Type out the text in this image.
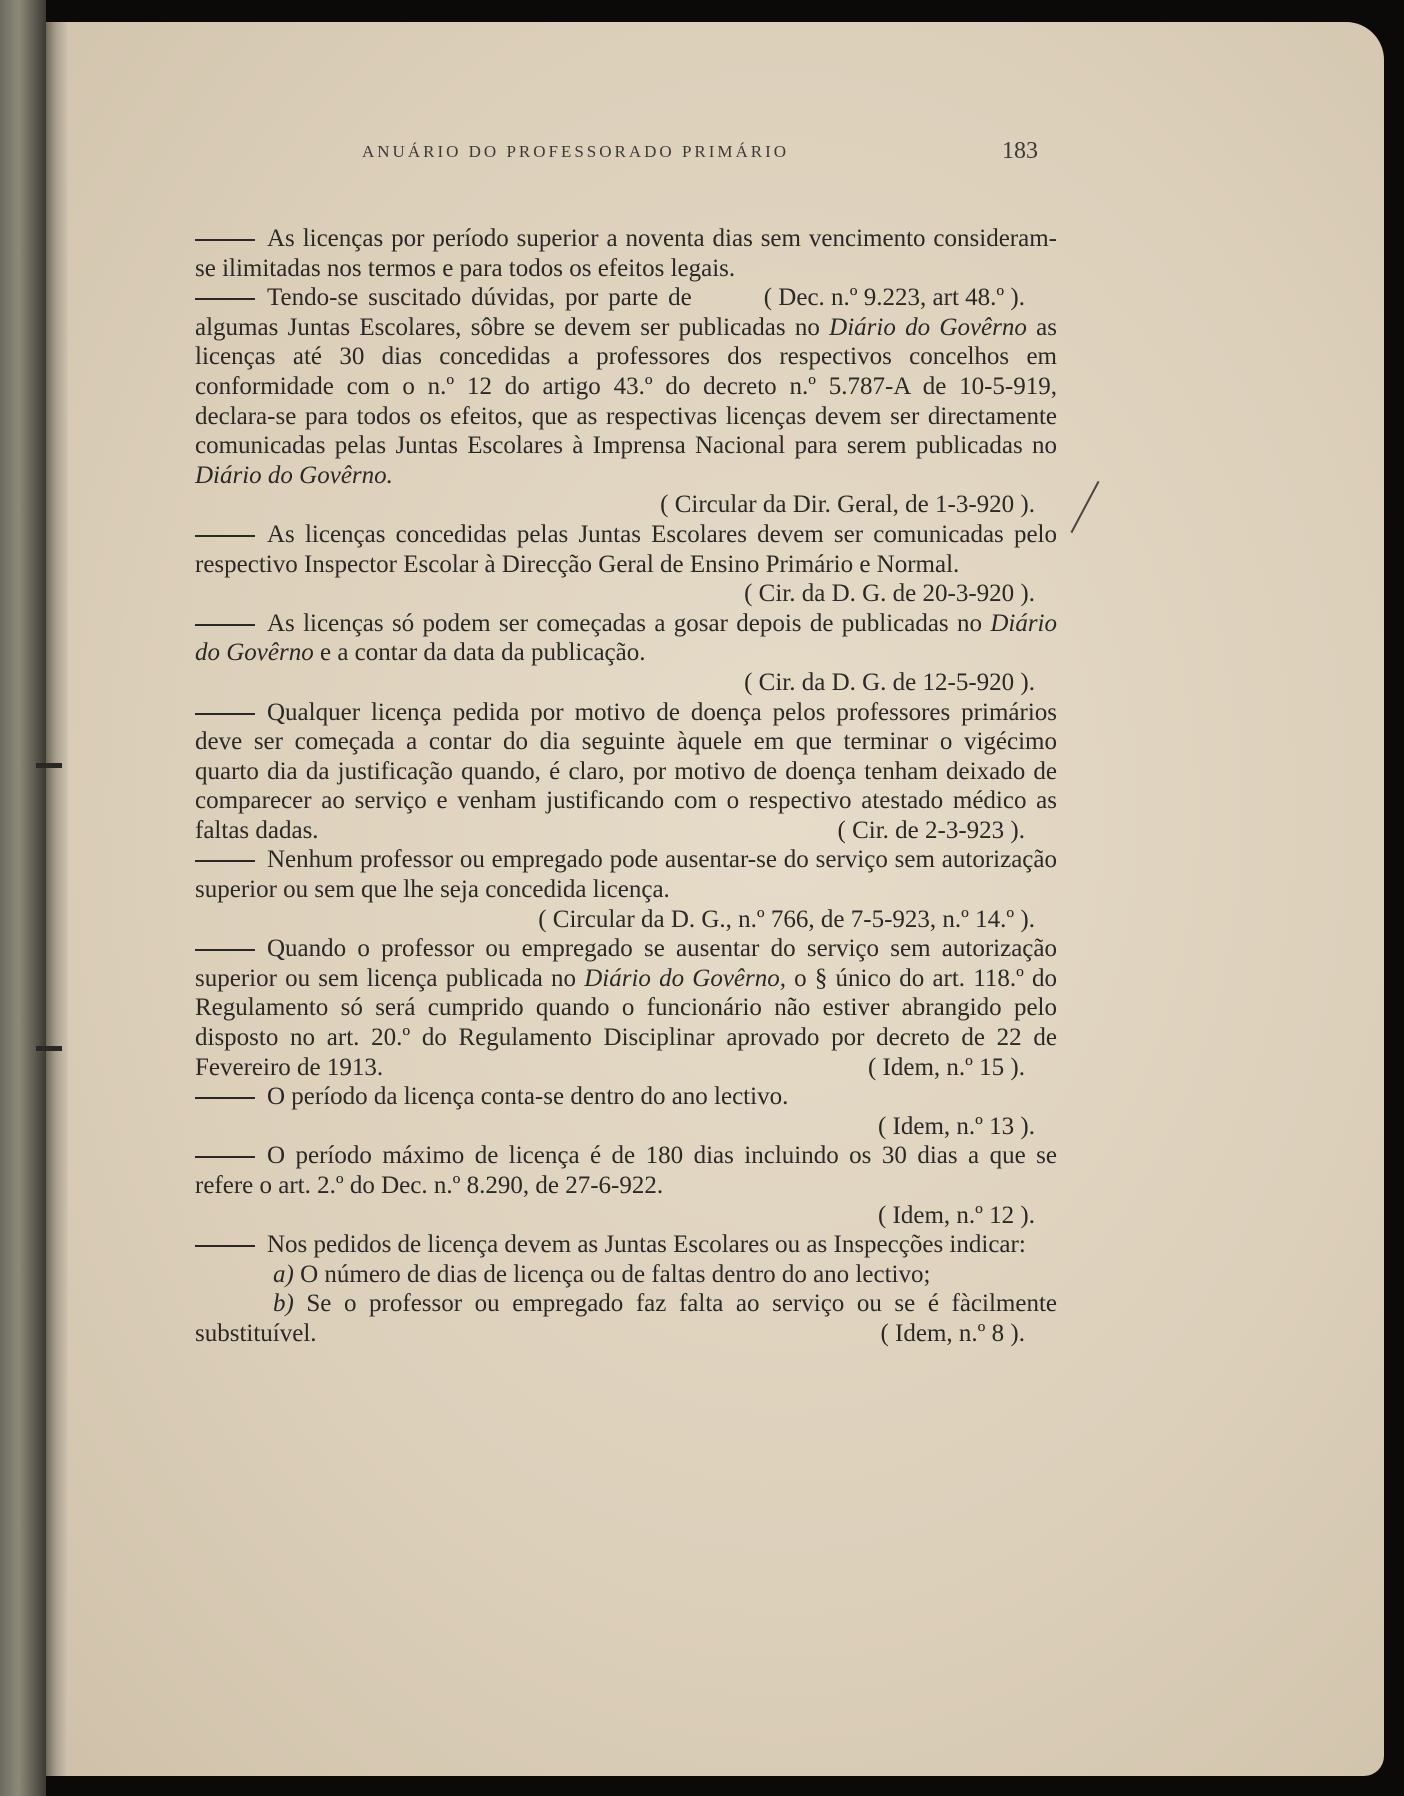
ANUÁRIO DO PROFESSORADO PRIMÁRIO	183

As licenças por período superior a noventa dias sem vencimento consideram-se ilimitadas nos termos e para todos os efeitos legais.
( Dec. n.º 9.223, art 48.º ).

Tendo-se suscitado dúvidas, por parte de algumas Juntas Escolares, sôbre se devem ser publicadas no Diário do Govêrno as licenças até 30 dias concedidas a professores dos respectivos concelhos em conformidade com o n.º 12 do artigo 43.º do decreto n.º 5.787-A de 10-5-919, declara-se para todos os efeitos, que as respectivas licenças devem ser directamente comunicadas pelas Juntas Escolares à Imprensa Nacional para serem publicadas no Diário do Govêrno.

( Circular da Dir. Geral, de 1-3-920 ).

As licenças concedidas pelas Juntas Escolares devem ser comunicadas pelo respectivo Inspector Escolar à Direcção Geral de Ensino Primário e Normal.

( Cir. da D. G. de 20-3-920 ).

As licenças só podem ser começadas a gosar depois de publicadas no Diário do Govêrno e a contar da data da publicação.

( Cir. da D. G. de 12-5-920 ).

Qualquer licença pedida por motivo de doença pelos professores primários deve ser começada a contar do dia seguinte àquele em que terminar o vigécimo quarto dia da justificação quando, é claro, por motivo de doença tenham deixado de comparecer ao serviço e venham justificando com o respectivo atestado médico as faltas dadas.	( Cir. de 2-3-923 ).

Nenhum professor ou empregado pode ausentar-se do serviço sem autorização superior ou sem que lhe seja concedida licença.

( Circular da D. G., n.º 766, de 7-5-923, n.º 14.º ).

Quando o professor ou empregado se ausentar do serviço sem autorização superior ou sem licença publicada no Diário do Govêrno, o § único do art. 118.º do Regulamento só será cumprido quando o funcionário não estiver abrangido pelo disposto no art. 20.º do Regulamento Disciplinar aprovado por decreto de 22 de Fevereiro de 1913.	( Idem, n.º 15 ).

O período da licença conta-se dentro do ano lectivo.

( Idem, n.º 13 ).

O período máximo de licença é de 180 dias incluindo os 30 dias a que se refere o art. 2.º do Dec. n.º 8.290, de 27-6-922.

( Idem, n.º 12 ).

Nos pedidos de licença devem as Juntas Escolares ou as Inspecções indicar:

a) O número de dias de licença ou de faltas dentro do ano lectivo;

b) Se o professor ou empregado faz falta ao serviço ou se é fàcilmente substituível.	( Idem, n.º 8 ).
